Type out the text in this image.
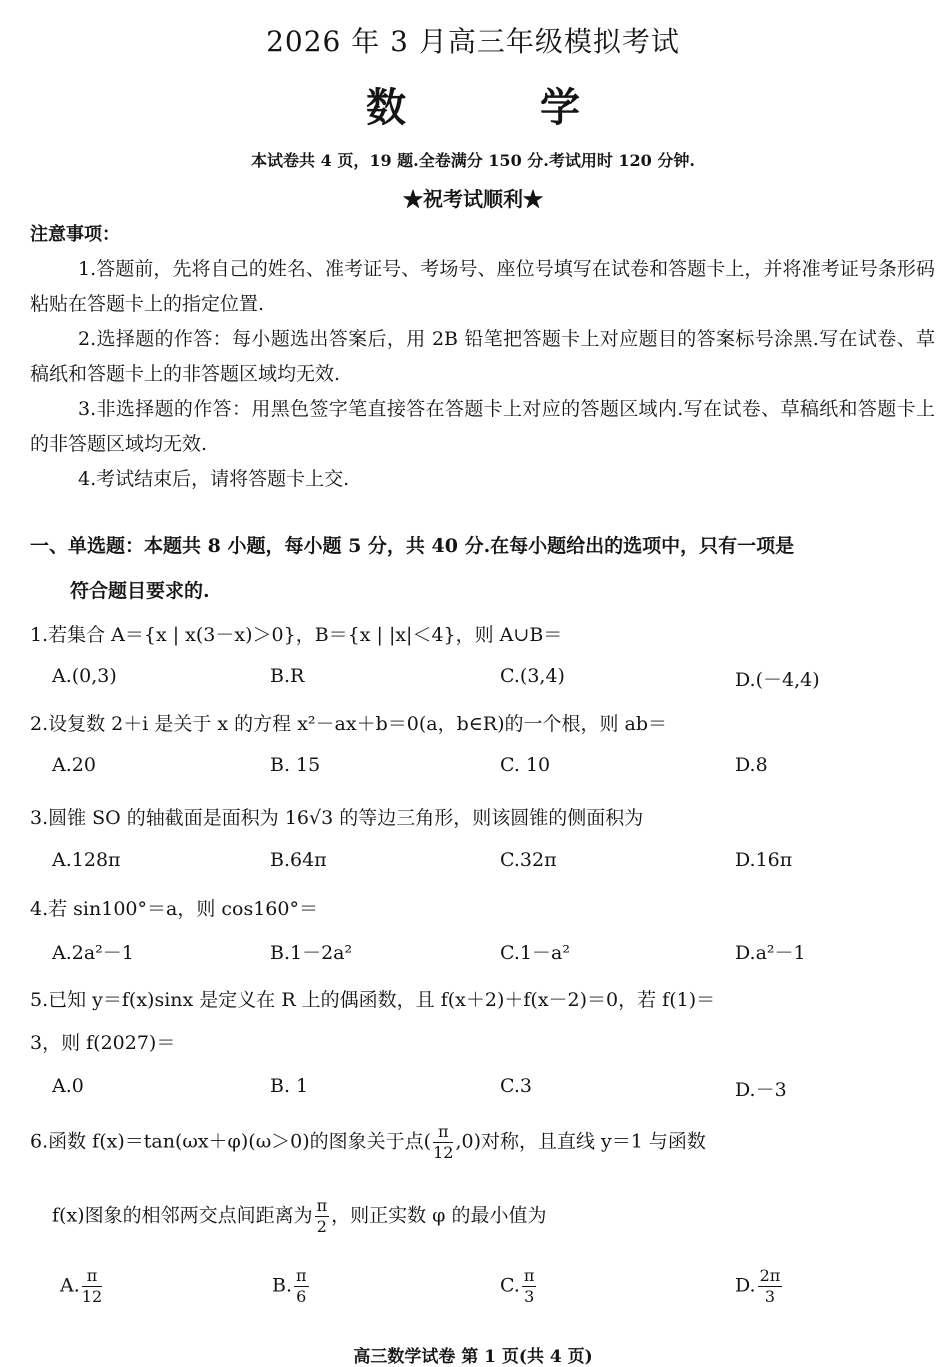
2026 年 3 月高三年级模拟考试
数 学
本试卷共 4 页，19 题.全卷满分 150 分.考试用时 120 分钟.
★祝考试顺利★
注意事项：

1.答题前，先将自己的姓名、准考证号、考场号、座位号填写在试卷和答题卡上，并将准考证号条形码粘贴在答题卡上的指定位置.

2.选择题的作答：每小题选出答案后，用 2B 铅笔把答题卡上对应题目的答案标号涂黑.写在试卷、草稿纸和答题卡上的非答题区域均无效.

3.非选择题的作答：用黑色签字笔直接答在答题卡上对应的答题区域内.写在试卷、草稿纸和答题卡上的非答题区域均无效.

4.考试结束后，请将答题卡上交.

一、单选题：本题共 8 小题，每小题 5 分，共 40 分.在每小题给出的选项中，只有一项是
符合题目要求的.
1.若集合 A＝{x | x(3－x)＞0}，B＝{x | |x|＜4}，则 A∪B＝
A.(0,3)	B.R	C.(3,4)	D.(－4,4)
2.设复数 2＋i 是关于 x 的方程 x²－ax＋b＝0(a，b∈R)的一个根，则 ab＝
A.20	B. 15	C. 10	D.8
3.圆锥 SO 的轴截面是面积为 16√3 的等边三角形，则该圆锥的侧面积为
A.128π	B.64π	C.32π	D.16π
4.若 sin100°＝a，则 cos160°＝
A.2a²－1	B.1－2a²	C.1－a²	D.a²－1
5.已知 y＝f(x)sinx 是定义在 R 上的偶函数，且 f(x＋2)＋f(x－2)＝0，若 f(1)＝
3，则 f(2027)＝
A.0	B. 1	C.3	D.－3
6.函数 f(x)＝tan(ωx＋φ)(ω＞0)的图象关于点( $\frac{\pi}{12} ,0$)对称，且直线 y＝1 与函数
f(x)图象的相邻两交点间距离为 $\frac{\pi}{2}$ ，则正实数 φ 的最小值为
A. $\frac{\pi}{12}$	B. $\frac{\pi}{6}$	C. $\frac{\pi}{3}$	D. $\frac{2\pi}{3}$
高三数学试卷 第 1 页(共 4 页)
